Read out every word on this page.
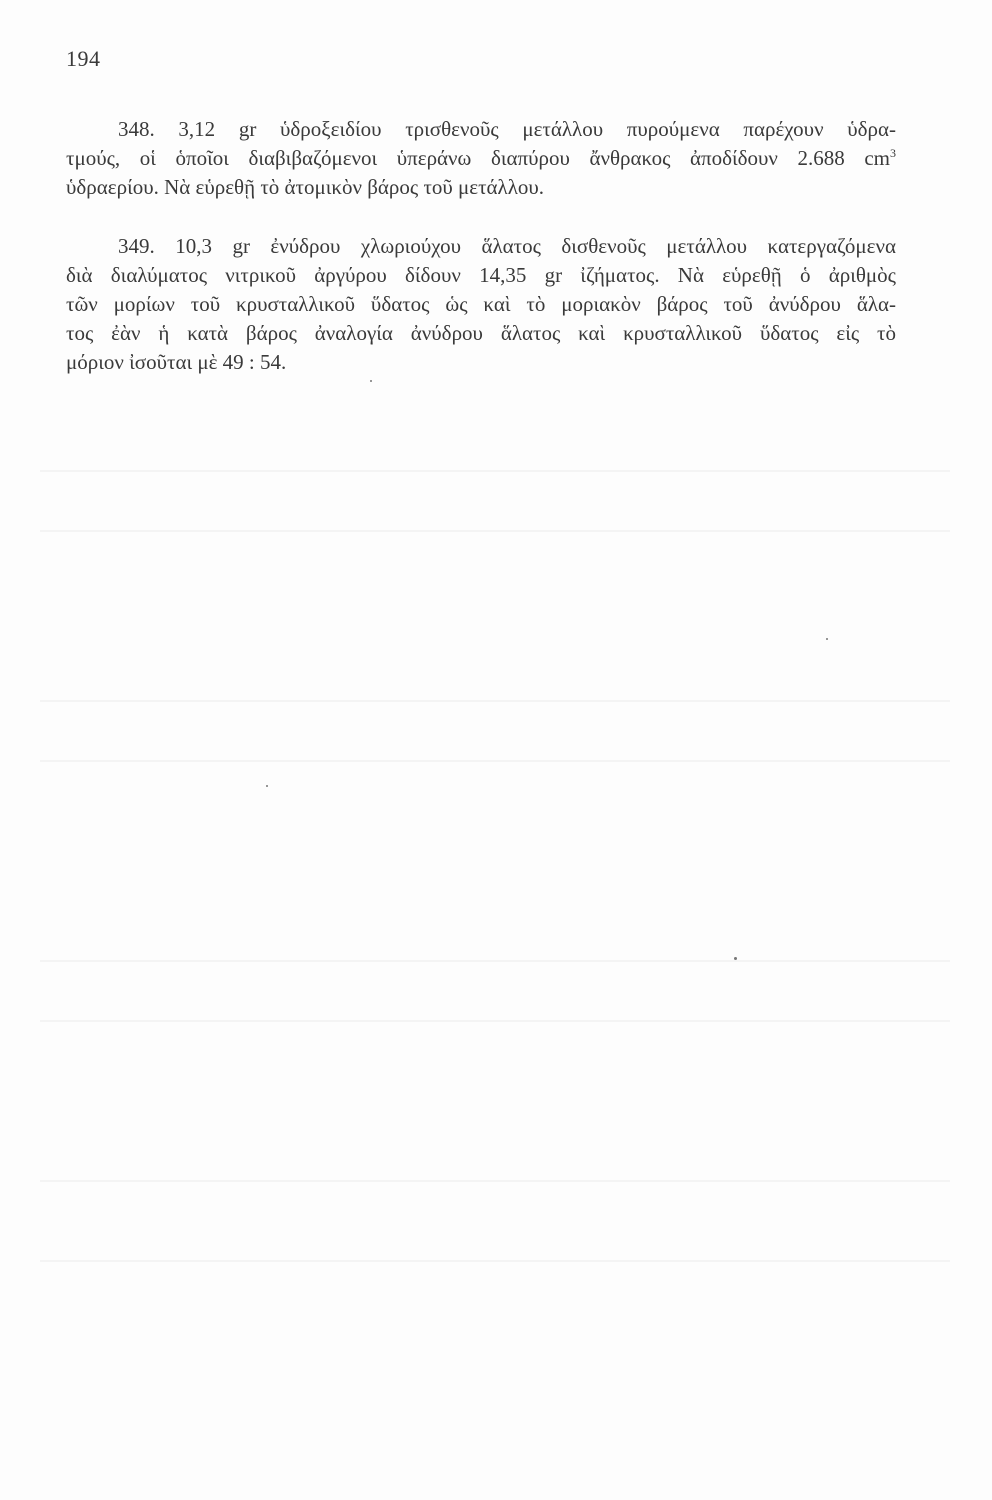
194
348. 3,12 gr ὑδροξειδίου τρισθενοῦς μετάλλου πυρούμενα παρέχουν ὑδρα-
τμούς, οἱ ὁποῖοι διαβιβαζόμενοι ὑπεράνω διαπύρου ἄνθρακος ἀποδίδουν 2.688 $cm^3$
ὑδραερίου. Νὰ εὑρεθῇ τὸ ἀτομικὸν βάρος τοῦ μετάλλου.
349. 10,3 gr ἐνύδρου χλωριούχου ἅλατος δισθενοῦς μετάλλου κατεργαζόμενα
διὰ διαλύματος νιτρικοῦ ἀργύρου δίδουν 14,35 gr ἰζήματος. Νὰ εὑρεθῇ ὁ ἀριθμὸς
τῶν μορίων τοῦ κρυσταλλικοῦ ὕδατος ὡς καὶ τὸ μοριακὸν βάρος τοῦ ἀνύδρου ἅλα-
τος ἐὰν ἡ κατὰ βάρος ἀναλογία ἀνύδρου ἅλατος καὶ κρυσταλλικοῦ ὕδατος εἰς τὸ
μόριον ἰσοῦται μὲ 49 : 54.
